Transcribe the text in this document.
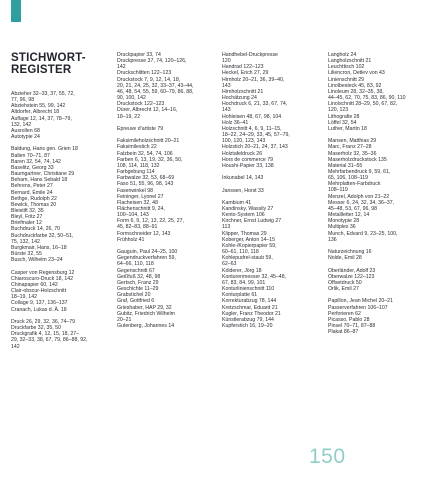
STICHWORT-
REGISTER
Abzieher 32–33, 37, 55, 72,
77, 96, 98
Abziehstein 55, 99, 142
Altdorfer, Albrecht 18
Auflage 12, 14, 37, 78–79,
132, 142
Ausrollen 68
Autotypie 24
Baldung, Hans gen. Grien 18
Ballen 70–71, 87
Baren 32, 54, 74, 142
Baselitz, Georg 33
Baumgartner, Christiane 29
Beham, Hans Sebald 18
Behrens, Peter 27
Bernard, Émile 24
Bethge, Rudolph 22
Bewick, Thomas 20
Bleistift 32, 35
Bleyl, Fritz 27
Briefmaler 12
Buchdruck 14, 26, 70
Buchdruckfarbe 32, 50–51,
75, 132, 142
Burgkmair, Hans, 16–18
Bürste 32, 55
Busch, Wilhelm 23–24
Casper von Regensburg 12
Chiaroscuro-Druck 18, 142
Chinapapier 60, 142
Clair-obscur-Holzschnitt
18–19, 142
Collage 9, 137, 136–137
Cranach, Lukas d. Ä. 18
Druck 26, 29, 32, 36, 74–79
Druckfarbe 32, 35, 50
Druckgrafik 4, 12, 15, 18, 27–
29, 32–33, 38, 67, 79, 86–88, 92,
142
Druckpapier 33, 74
Druckpresse 37, 74, 120–126,
142
Druckschlitten 122–123
Druckstock 7, 9, 12, 14, 18,
20, 21, 24, 25, 32, 33–37, 43–44,
46, 48, 54, 55, 59, 60–79, 86, 88,
90, 100, 142
Druckstock 122–123
Dürer, Albrecht 12, 14–16,
18–19, 22
Epreuve d’artiste 79
Faksimileholzschnitt 20–21
Faksimilestich 22
Falzbein 32, 54, 74, 106
Farben 6, 13, 19, 32, 36, 50,
108, 114, 118, 132
Farbgebung 114
Farbwalze 32, 53, 68–69
Faso 51, 55, 96, 98, 143
Fasenwinkel 98
Feininger, Lyonel 27
Flacheisen 32, 48
Flächenschnitt 9, 24,
100–104, 143
Form 6, 9, 12, 13, 22, 25, 27,
45, 82–83, 88–91
Formschneider 12, 143
Frühholz 41
Gauguin, Paul 24–25, 100
Gegendruckverfahren 59,
64–66, 110, 118
Gegenschnitt 67
Geißfuß 32, 48, 98
Gertsch, Franz 29
Geschichte 11–29
Grabstichel 20
Graf, Gottfried 6
Grieshaber, HAP 29, 32
Gubitz, Friedrich Wilhelm
20–21
Gutenberg, Johannes 14
Handhebel-Druckpresse
120
Handrad 122–123
Heckel, Erich 27, 29
Hirnholz 20–21, 36, 39–40,
143
Hirnholzschnitt 21
Hochätzung 24
Hochdruck 6, 21, 33, 67, 74,
143
Hohleisen 48, 67, 98, 104
Holz 36–41
Holzschnitt 4, 6, 9, 11–15,
18–22, 24–29, 33, 45, 57–79,
100, 120, 123, 143
Holzstich 20–21, 24, 37, 143
Holztafeldruck 26
Hors de commerce 79
Houshi-Papier 33, 138
Inkunabel 14, 143
Janssen, Horst 33
Kambium 41
Kandinsky, Wassily 27
Kento-System 106
Kirchner, Ernst Ludwig 27
113
Klipper, Thomas 29
Koberger, Anton 14–15
Kohle-/Kopierpapier 59,
60–61, 110, 118
Kohlepudrel-staub 59,
62–63
Kölderer, Jörg 18
Konturenmesser 32, 45–48,
67, 83, 84, 99, 101
Konturlinienschnitt 110
Konturplatte 61
Korrekturabzug 78, 144
Kretzschmar, Eduard 21
Kugler, Franz Theodor 21
Künstlerabzug 79, 144
Kupferstich 16, 19–20
Langholz 24
Langholzschnitt 21
Leuchttisch 102
Liliencron, Detlev von 43
Linienschnitt 29
Linolbesteck 45, 83, 92
Linoleum 28, 32–35, 38,
44–45, 62, 70, 75, 83, 86, 90, 110
Linolschnitt 28–29, 50, 67, 82,
120, 123
Lithografie 28
Löffel 32, 54
Luther, Martin 18
Mansen, Matthias 29
Marc, Franz 27–28
Maserholz 32, 35–36
Maserholzdruckstock 135
Material 31–55
Mehrfarbendruck 9, 59, 61,
65, 106, 108–119
Mehrplatten-Farbdruck
108–119
Menzel, Adolph von 21–22
Messer 6, 24, 32, 34, 36–37,
45–48, 53, 67, 96, 98
Metallletter 12, 14
Monotypie 28
Multiplex 36
Munch, Edvard 9, 23–25, 100,
136
Naturzeichnung 16
Nolde, Emil 28
Oberländer, Adolf 23
Oberwalze 122–123
Offsetdruck 50
Orlik, Emil 27
Papillon, Jean Michel 20–21
Passerverfahren 106–107
Perforieren 62
Picasso, Pablo 28
Pinsel 70–71, 87–88
Plakat 86–87
150
